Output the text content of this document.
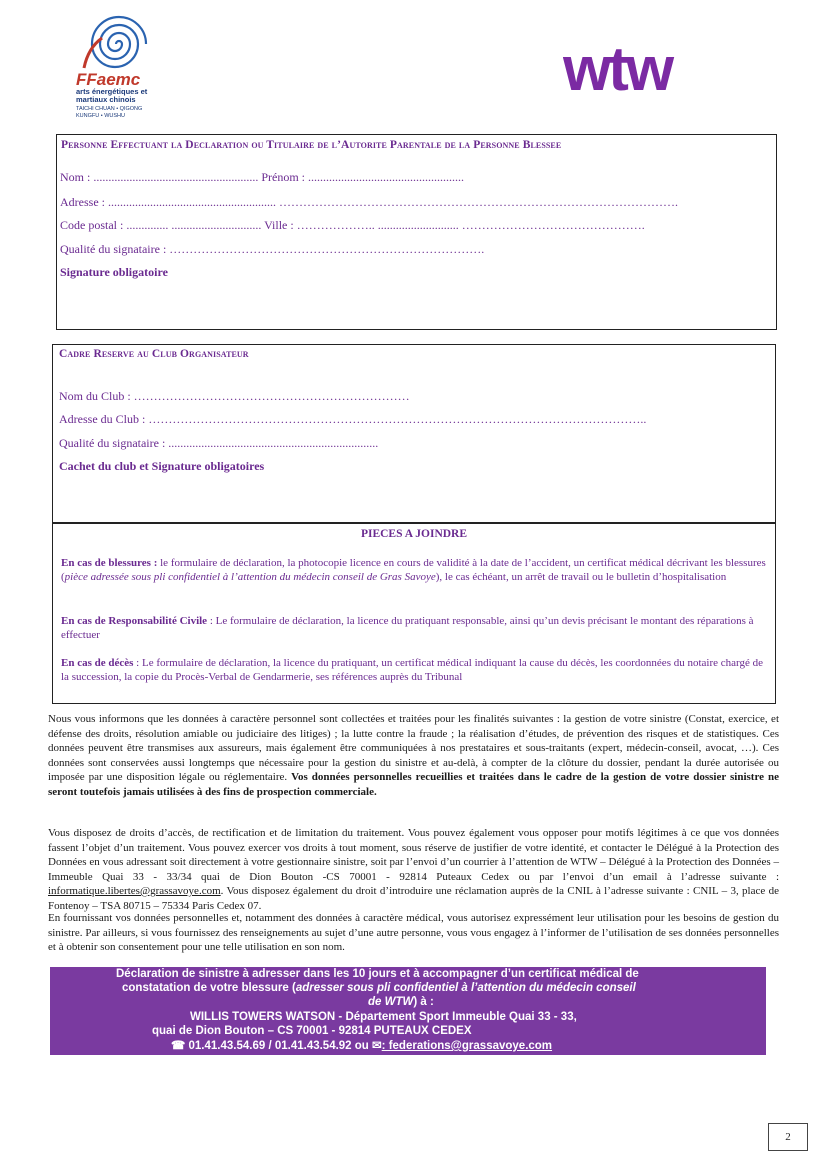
FFaemc
arts énergétiques et martiaux chinois
TAICHI CHUAN • QIGONG KUNGFU • WUSHU
wtw
Personne Effectuant la Declaration ou Titulaire de l’Autorite Parentale de la Personne Blessee
Nom : ....................................................... Prénom : ....................................................
Adresse : ........................................................ ……………………………………………………………………………………….
Code postal : .............. .............................. Ville : ……………….. ........................... ……………………………………….
Qualité du signataire : …………………………………………………………………….
Signature obligatoire
Cadre Reserve au Club Organisateur
Nom du Club : ……………………………………………………………
Adresse du Club : ……………………………………………………………………………………………………………..
Qualité du signataire : ......................................................................
Cachet du club et Signature obligatoires
PIECES A JOINDRE
En cas de blessures : le formulaire de déclaration, la photocopie licence en cours de validité à la date de l’accident, un certificat médical décrivant les blessures (pièce adressée sous pli confidentiel à l’attention du médecin conseil de Gras Savoye), le cas échéant, un arrêt de travail ou le bulletin d’hospitalisation
En cas de Responsabilité Civile : Le formulaire de déclaration, la licence du pratiquant responsable, ainsi qu’un devis précisant le montant des réparations à effectuer
En cas de décès : Le formulaire de déclaration, la licence du pratiquant, un certificat médical indiquant la cause du décès, les coordonnées du notaire chargé de la succession, la copie du Procès-Verbal de Gendarmerie, ses références auprès du Tribunal
Nous vous informons que les données à caractère personnel sont collectées et traitées pour les finalités suivantes : la gestion de votre sinistre (Constat, exercice, et défense des droits, résolution amiable ou judiciaire des litiges) ; la lutte contre la fraude ; la réalisation d’études, de prévention des risques et de statistiques. Ces données peuvent être transmises aux assureurs, mais également être communiquées à nos prestataires et sous-traitants (expert, médecin-conseil, avocat, …). Ces données sont conservées aussi longtemps que nécessaire pour la gestion du sinistre et au-delà, à compter de la clôture du dossier, pendant la durée autorisée ou imposée par une disposition légale ou réglementaire. Vos données personnelles recueillies et traitées dans le cadre de la gestion de votre dossier sinistre ne seront toutefois jamais utilisées à des fins de prospection commerciale.
Vous disposez de droits d’accès, de rectification et de limitation du traitement. Vous pouvez également vous opposer pour motifs légitimes à ce que vos données fassent l’objet d’un traitement. Vous pouvez exercer vos droits à tout moment, sous réserve de justifier de votre identité, et contacter le Délégué à la Protection des Données en vous adressant soit directement à votre gestionnaire sinistre, soit par l’envoi d’un courrier à l’attention de WTW – Délégué à la Protection des Données – Immeuble Quai 33 - 33/34 quai de Dion Bouton -CS 70001 - 92814 Puteaux Cedex ou par l’envoi d’un email à l’adresse suivante : informatique.libertes@grassavoye.com. Vous disposez également du droit d’introduire une réclamation auprès de la CNIL à l’adresse suivante : CNIL – 3, place de Fontenoy – TSA 80715 – 75334 Paris Cedex 07.
En fournissant vos données personnelles et, notamment des données à caractère médical, vous autorisez expressément leur utilisation pour les besoins de gestion du sinistre. Par ailleurs, si vous fournissez des renseignements au sujet d’une autre personne, vous vous engagez à l’informer de l’utilisation de ses données personnelles et à obtenir son consentement pour une telle utilisation en son nom.
Déclaration de sinistre à adresser dans les 10 jours et à accompagner d’un certificat médical de
constatation de votre blessure (adresser sous pli confidentiel à l’attention du médecin conseil
de WTW) à :
WILLIS TOWERS WATSON - Département Sport Immeuble Quai 33 - 33,
quai de Dion Bouton – CS 70001 - 92814 PUTEAUX CEDEX
☎ 01.41.43.54.69 / 01.41.43.54.92 ou ✉: federations@grassavoye.com
2
